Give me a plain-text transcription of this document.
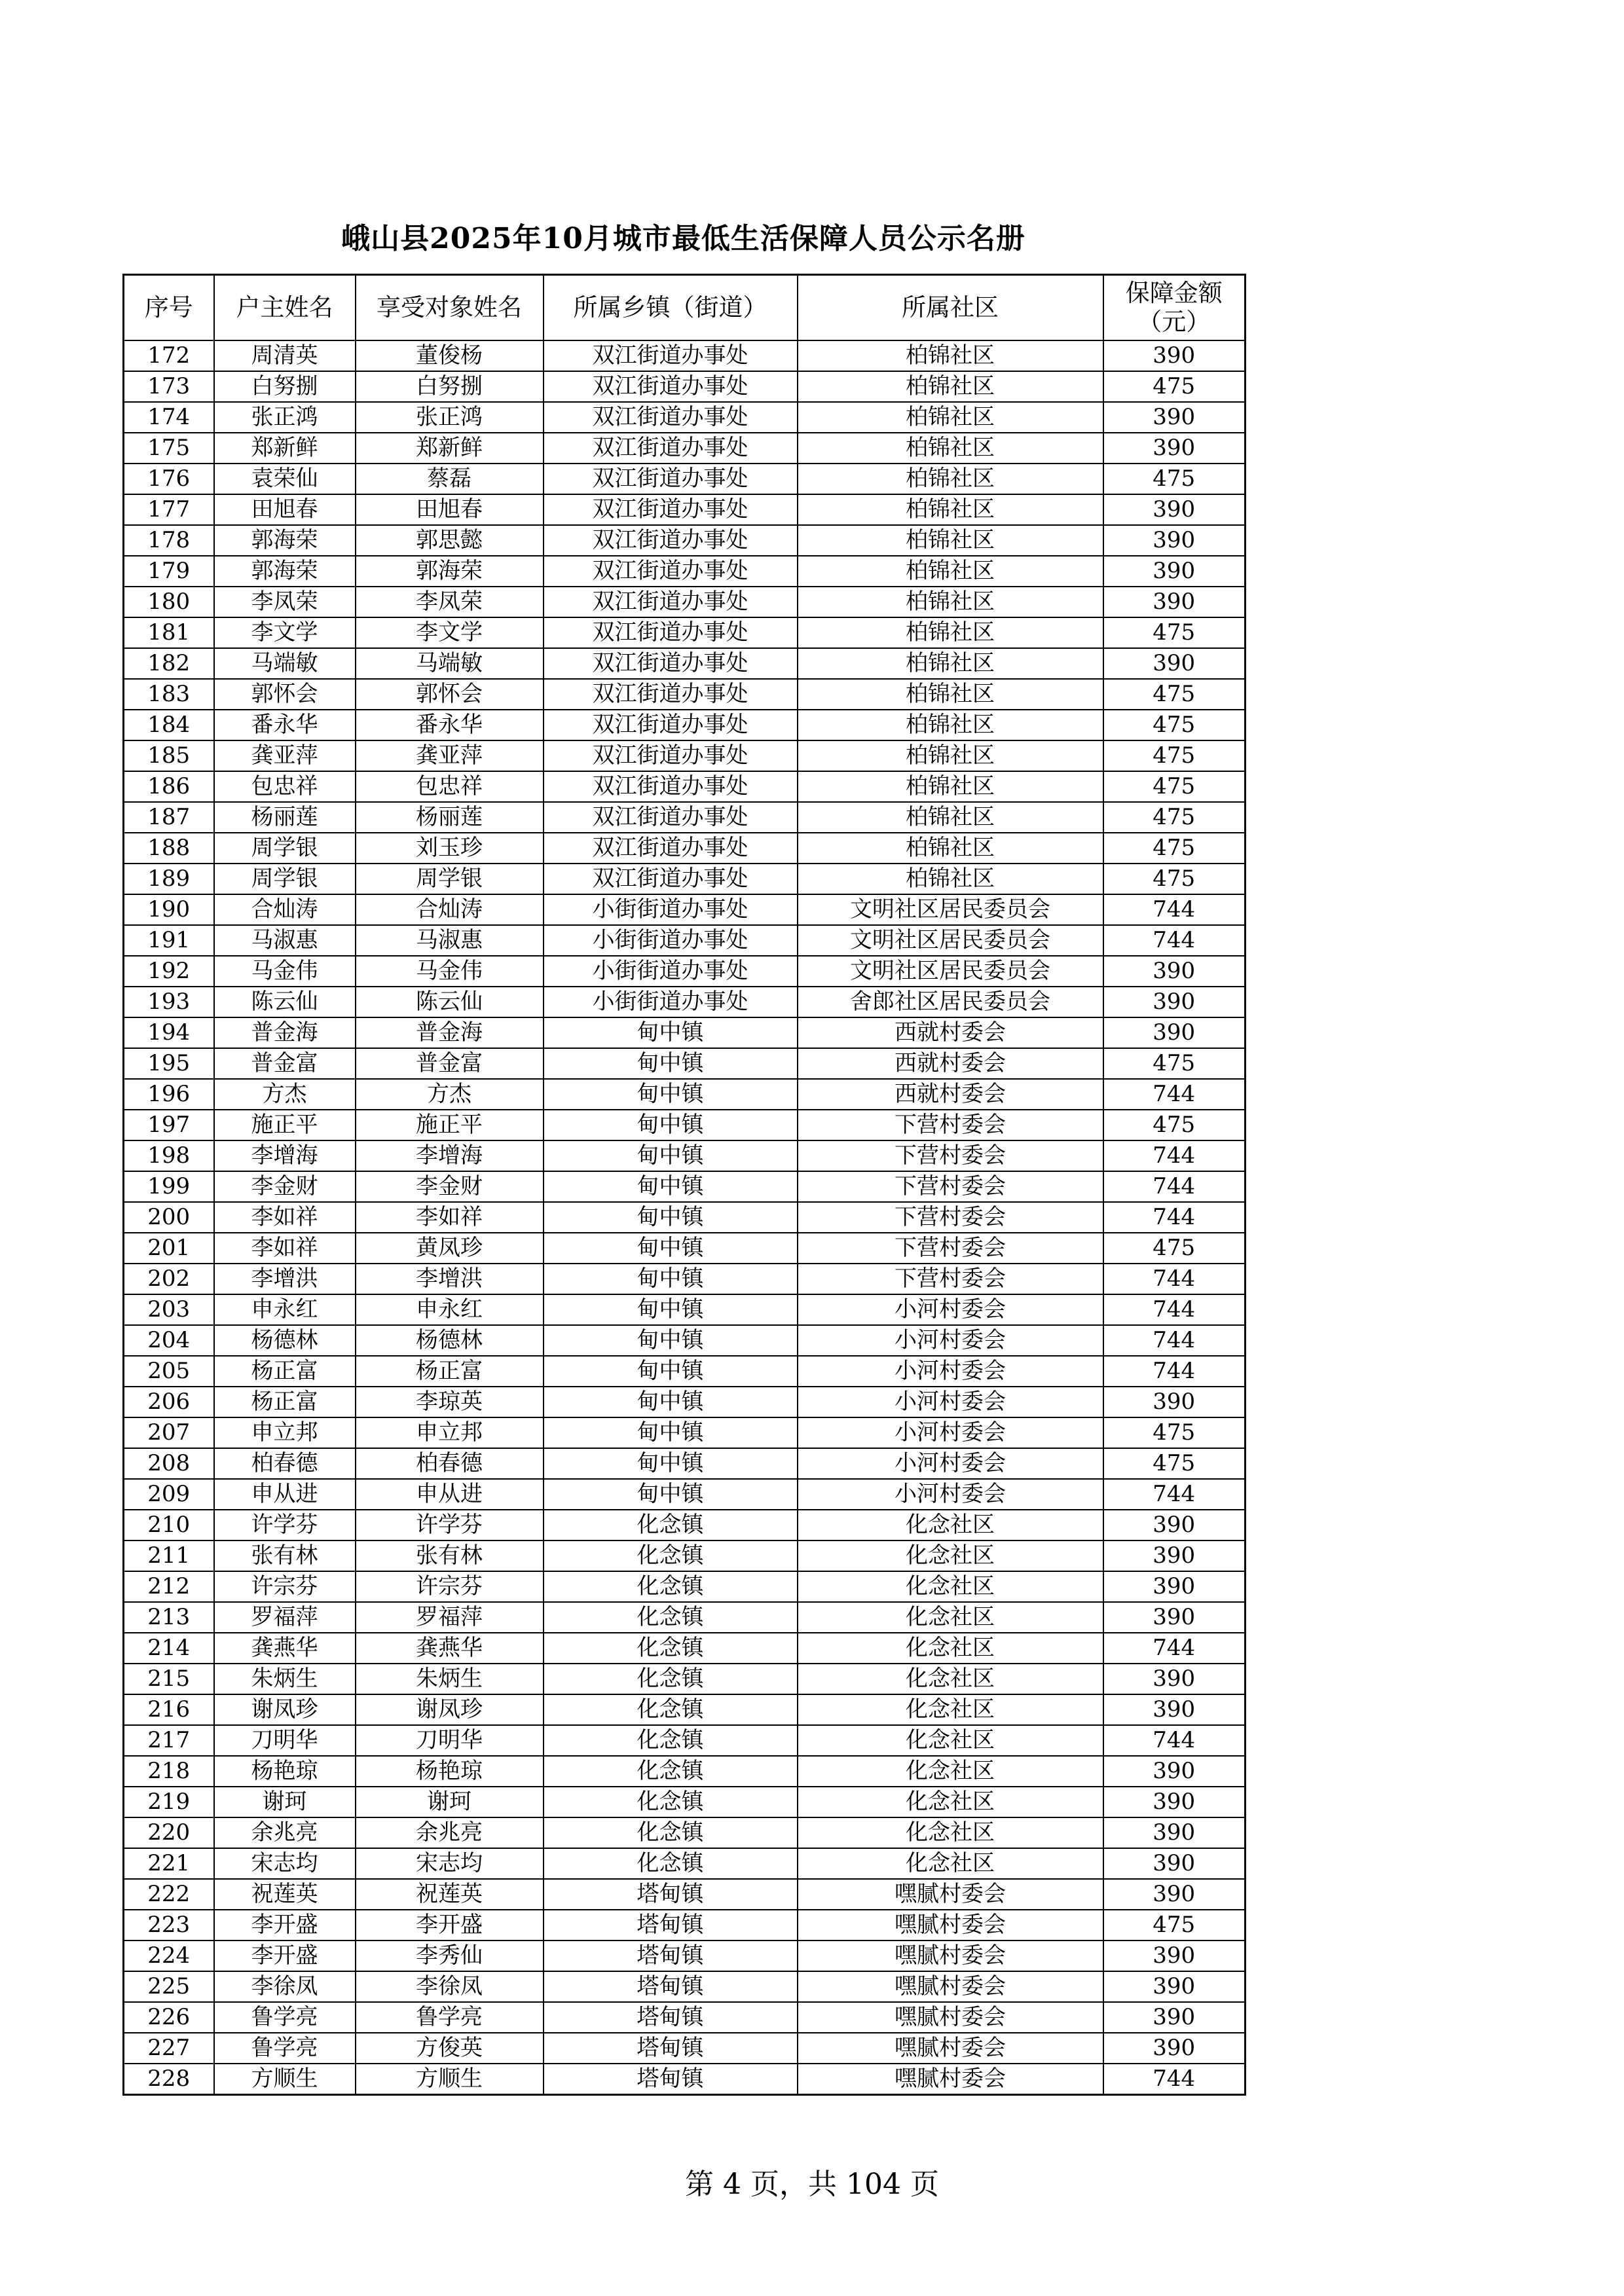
峨山县2025年10月城市最低生活保障人员公示名册
序号	户主姓名	享受对象姓名	所属乡镇（街道）	所属社区	保障金额
（元）
172	周清英	董俊杨	双江街道办事处	柏锦社区	390
173	白努捌	白努捌	双江街道办事处	柏锦社区	475
174	张正鸿	张正鸿	双江街道办事处	柏锦社区	390
175	郑新鲜	郑新鲜	双江街道办事处	柏锦社区	390
176	袁荣仙	蔡磊	双江街道办事处	柏锦社区	475
177	田旭春	田旭春	双江街道办事处	柏锦社区	390
178	郭海荣	郭思懿	双江街道办事处	柏锦社区	390
179	郭海荣	郭海荣	双江街道办事处	柏锦社区	390
180	李凤荣	李凤荣	双江街道办事处	柏锦社区	390
181	李文学	李文学	双江街道办事处	柏锦社区	475
182	马端敏	马端敏	双江街道办事处	柏锦社区	390
183	郭怀会	郭怀会	双江街道办事处	柏锦社区	475
184	番永华	番永华	双江街道办事处	柏锦社区	475
185	龚亚萍	龚亚萍	双江街道办事处	柏锦社区	475
186	包忠祥	包忠祥	双江街道办事处	柏锦社区	475
187	杨丽莲	杨丽莲	双江街道办事处	柏锦社区	475
188	周学银	刘玉珍	双江街道办事处	柏锦社区	475
189	周学银	周学银	双江街道办事处	柏锦社区	475
190	合灿涛	合灿涛	小街街道办事处	文明社区居民委员会	744
191	马淑惠	马淑惠	小街街道办事处	文明社区居民委员会	744
192	马金伟	马金伟	小街街道办事处	文明社区居民委员会	390
193	陈云仙	陈云仙	小街街道办事处	舍郎社区居民委员会	390
194	普金海	普金海	甸中镇	西就村委会	390
195	普金富	普金富	甸中镇	西就村委会	475
196	方杰	方杰	甸中镇	西就村委会	744
197	施正平	施正平	甸中镇	下营村委会	475
198	李增海	李增海	甸中镇	下营村委会	744
199	李金财	李金财	甸中镇	下营村委会	744
200	李如祥	李如祥	甸中镇	下营村委会	744
201	李如祥	黄凤珍	甸中镇	下营村委会	475
202	李增洪	李增洪	甸中镇	下营村委会	744
203	申永红	申永红	甸中镇	小河村委会	744
204	杨德林	杨德林	甸中镇	小河村委会	744
205	杨正富	杨正富	甸中镇	小河村委会	744
206	杨正富	李琼英	甸中镇	小河村委会	390
207	申立邦	申立邦	甸中镇	小河村委会	475
208	柏春德	柏春德	甸中镇	小河村委会	475
209	申从进	申从进	甸中镇	小河村委会	744
210	许学芬	许学芬	化念镇	化念社区	390
211	张有林	张有林	化念镇	化念社区	390
212	许宗芬	许宗芬	化念镇	化念社区	390
213	罗福萍	罗福萍	化念镇	化念社区	390
214	龚燕华	龚燕华	化念镇	化念社区	744
215	朱炳生	朱炳生	化念镇	化念社区	390
216	谢凤珍	谢凤珍	化念镇	化念社区	390
217	刀明华	刀明华	化念镇	化念社区	744
218	杨艳琼	杨艳琼	化念镇	化念社区	390
219	谢珂	谢珂	化念镇	化念社区	390
220	余兆亮	余兆亮	化念镇	化念社区	390
221	宋志均	宋志均	化念镇	化念社区	390
222	祝莲英	祝莲英	塔甸镇	嘿腻村委会	390
223	李开盛	李开盛	塔甸镇	嘿腻村委会	475
224	李开盛	李秀仙	塔甸镇	嘿腻村委会	390
225	李徐凤	李徐凤	塔甸镇	嘿腻村委会	390
226	鲁学亮	鲁学亮	塔甸镇	嘿腻村委会	390
227	鲁学亮	方俊英	塔甸镇	嘿腻村委会	390
228	方顺生	方顺生	塔甸镇	嘿腻村委会	744
第 4 页，共 104 页
